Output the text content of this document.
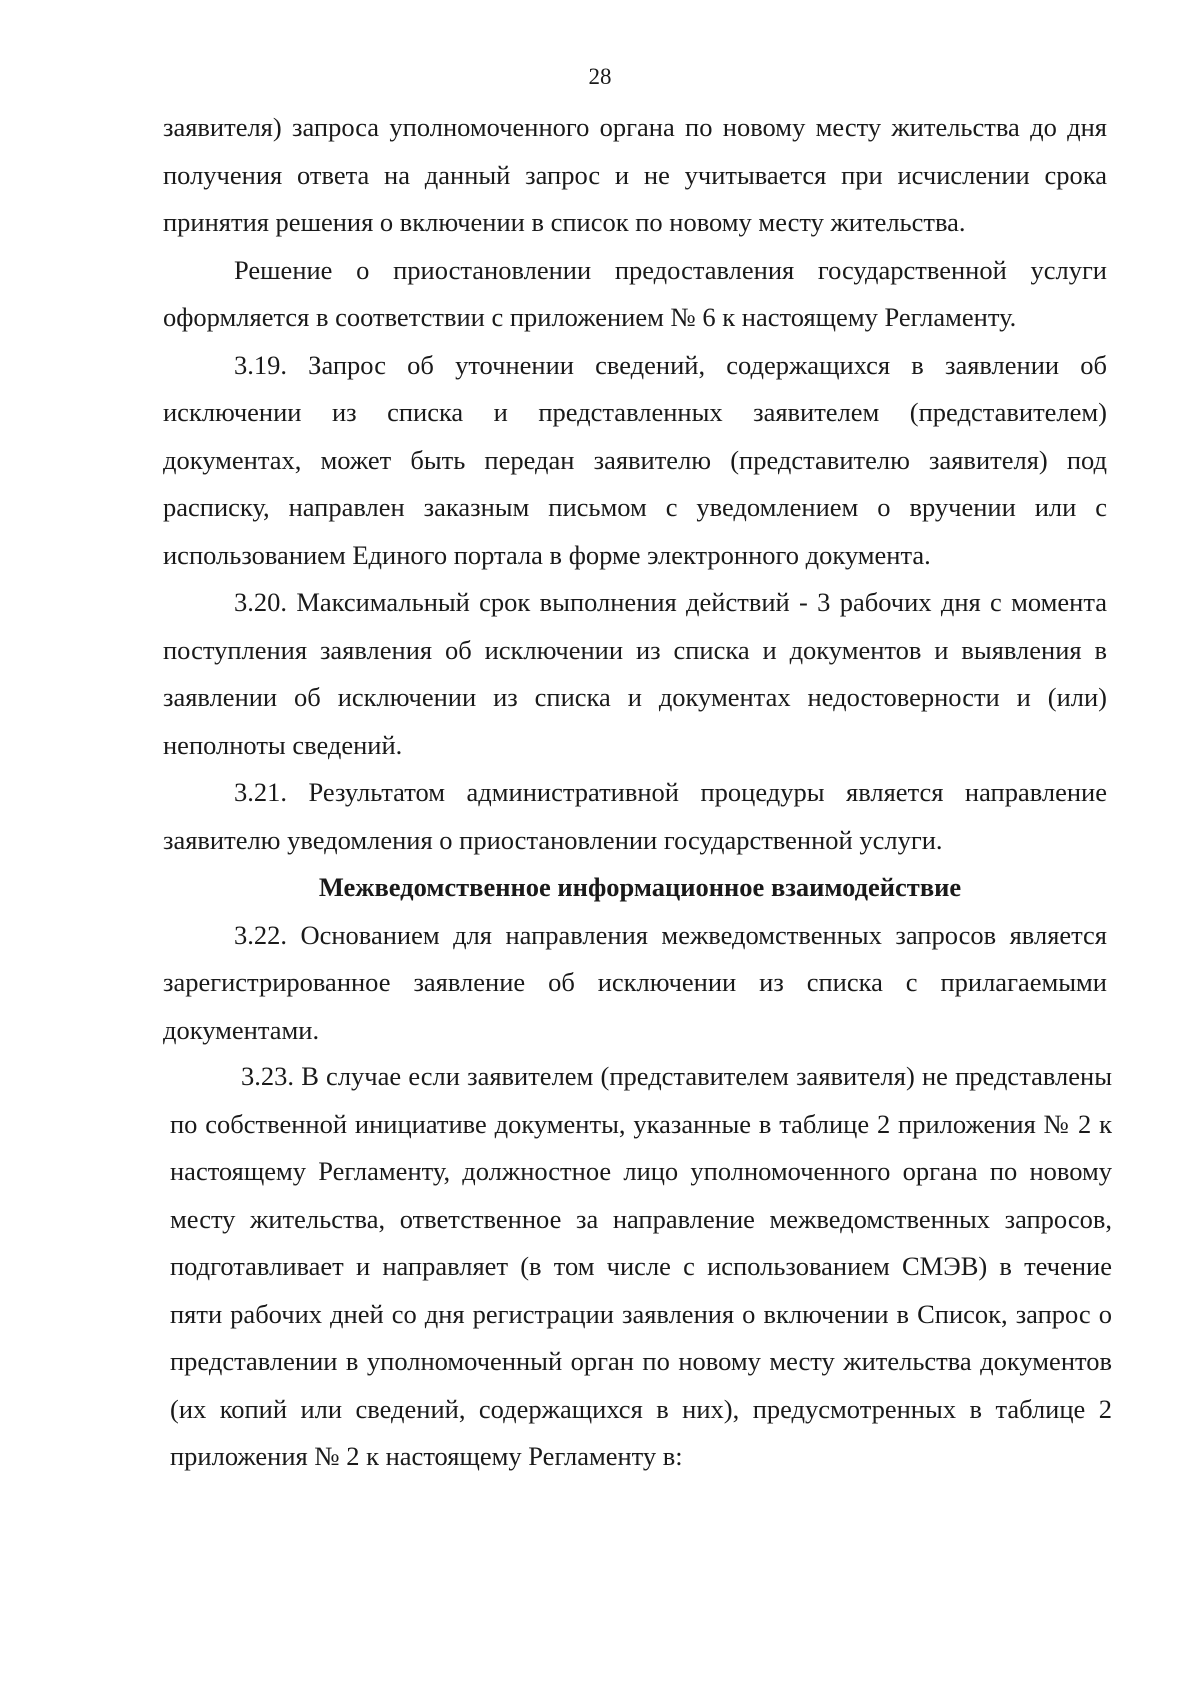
28

заявителя) запроса уполномоченного органа по новому месту жительства до дня получения ответа на данный запрос и не учитывается при исчислении срока принятия решения о включении в список по новому месту жительства.

Решение о приостановлении предоставления государственной услуги оформляется в соответствии с приложением № 6 к настоящему Регламенту.

3.19. Запрос об уточнении сведений, содержащихся в заявлении об исключении из списка и представленных заявителем (представителем) документах, может быть передан заявителю (представителю заявителя) под расписку, направлен заказным письмом с уведомлением о вручении или с использованием Единого портала в форме электронного документа.

3.20. Максимальный срок выполнения действий - 3 рабочих дня с момента поступления заявления об исключении из списка и документов и выявления в заявлении об исключении из списка и документах недостоверности и (или) неполноты сведений.

3.21. Результатом административной процедуры является направление заявителю уведомления о приостановлении государственной услуги.

Межведомственное информационное взаимодействие

3.22. Основанием для направления межведомственных запросов является зарегистрированное заявление об исключении из списка с прилагаемыми документами.

3.23. В случае если заявителем (представителем заявителя) не представлены по собственной инициативе документы, указанные в таблице 2 приложения № 2 к настоящему Регламенту, должностное лицо уполномоченного органа по новому месту жительства, ответственное за направление межведомственных запросов, подготавливает и направляет (в том числе с использованием СМЭВ) в течение пяти рабочих дней со дня регистрации заявления о включении в Список, запрос о представлении в уполномоченный орган по новому месту жительства документов (их копий или сведений, содержащихся в них), предусмотренных в таблице 2 приложения № 2 к настоящему Регламенту в:
